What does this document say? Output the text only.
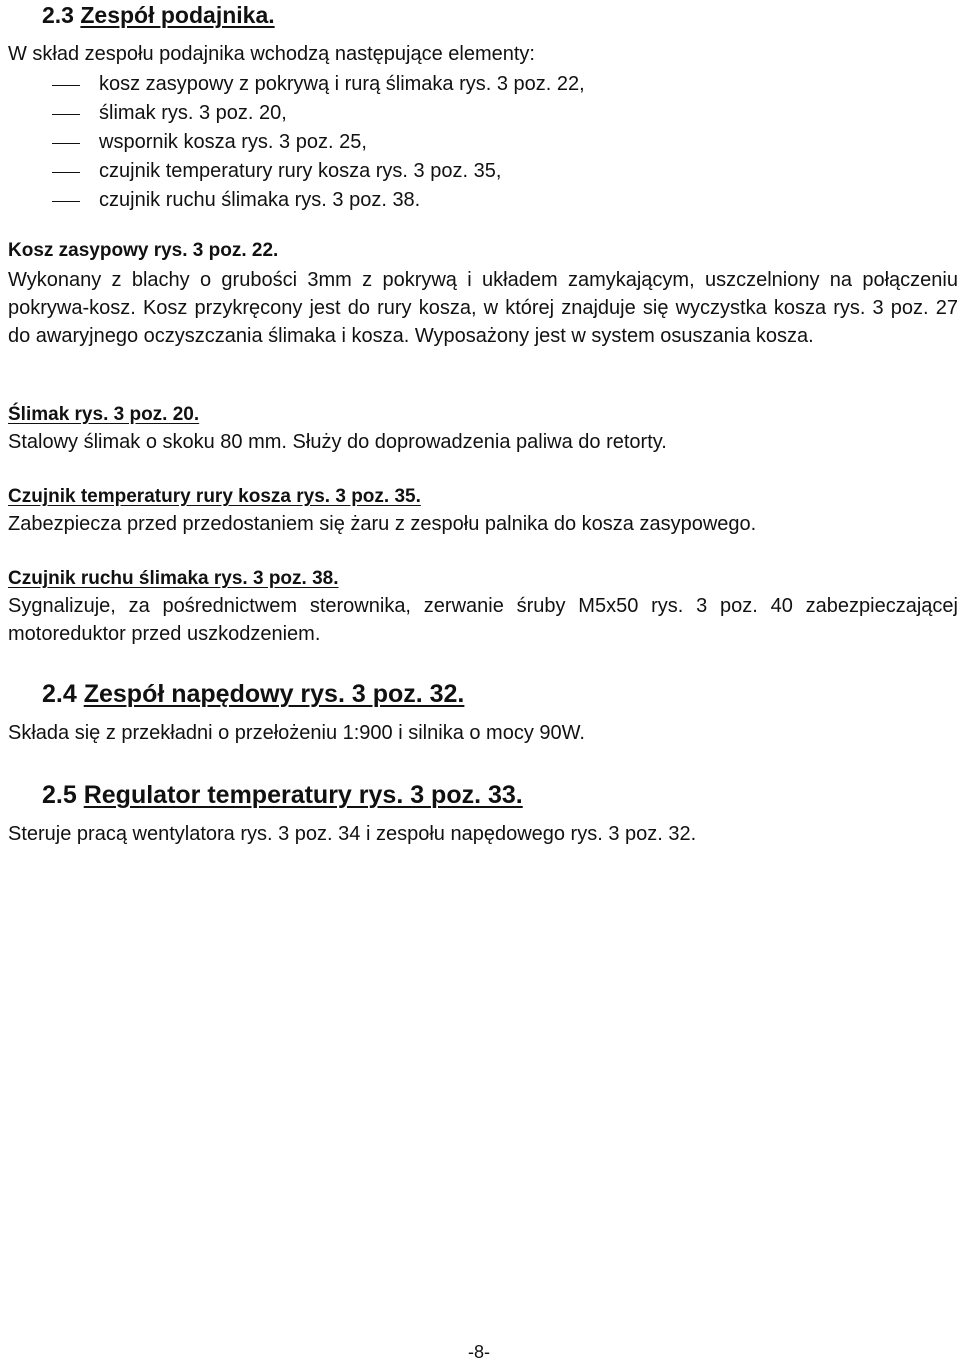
2.3 Zespół podajnika.
W skład zespołu podajnika wchodzą następujące elementy:
kosz zasypowy z pokrywą i rurą ślimaka rys. 3 poz. 22,
ślimak rys. 3 poz. 20,
wspornik kosza rys. 3 poz. 25,
czujnik temperatury rury kosza rys. 3 poz. 35,
czujnik ruchu ślimaka rys. 3 poz. 38.
Kosz zasypowy rys. 3 poz. 22.
Wykonany z blachy o grubości 3mm z pokrywą i układem zamykającym, uszczelniony na połączeniu pokrywa-kosz. Kosz przykręcony jest do rury kosza, w której znajduje się wyczystka kosza rys. 3 poz. 27 do awaryjnego oczyszczania ślimaka i kosza. Wyposażony jest w system osuszania kosza.
Ślimak rys. 3 poz. 20.
Stalowy ślimak o skoku 80 mm. Służy do doprowadzenia paliwa do retorty.
Czujnik temperatury rury kosza rys. 3 poz. 35.
Zabezpiecza przed przedostaniem się żaru z zespołu palnika do kosza zasypowego.
Czujnik ruchu ślimaka rys. 3 poz. 38.
Sygnalizuje, za pośrednictwem sterownika, zerwanie śruby M5x50 rys. 3 poz. 40 zabezpieczającej motoreduktor przed uszkodzeniem.
2.4 Zespół napędowy rys. 3 poz. 32.
Składa się z przekładni o przełożeniu 1:900 i silnika o mocy 90W.
2.5 Regulator temperatury rys. 3 poz. 33.
Steruje pracą wentylatora rys. 3 poz. 34 i zespołu napędowego rys. 3 poz. 32.
-8-
